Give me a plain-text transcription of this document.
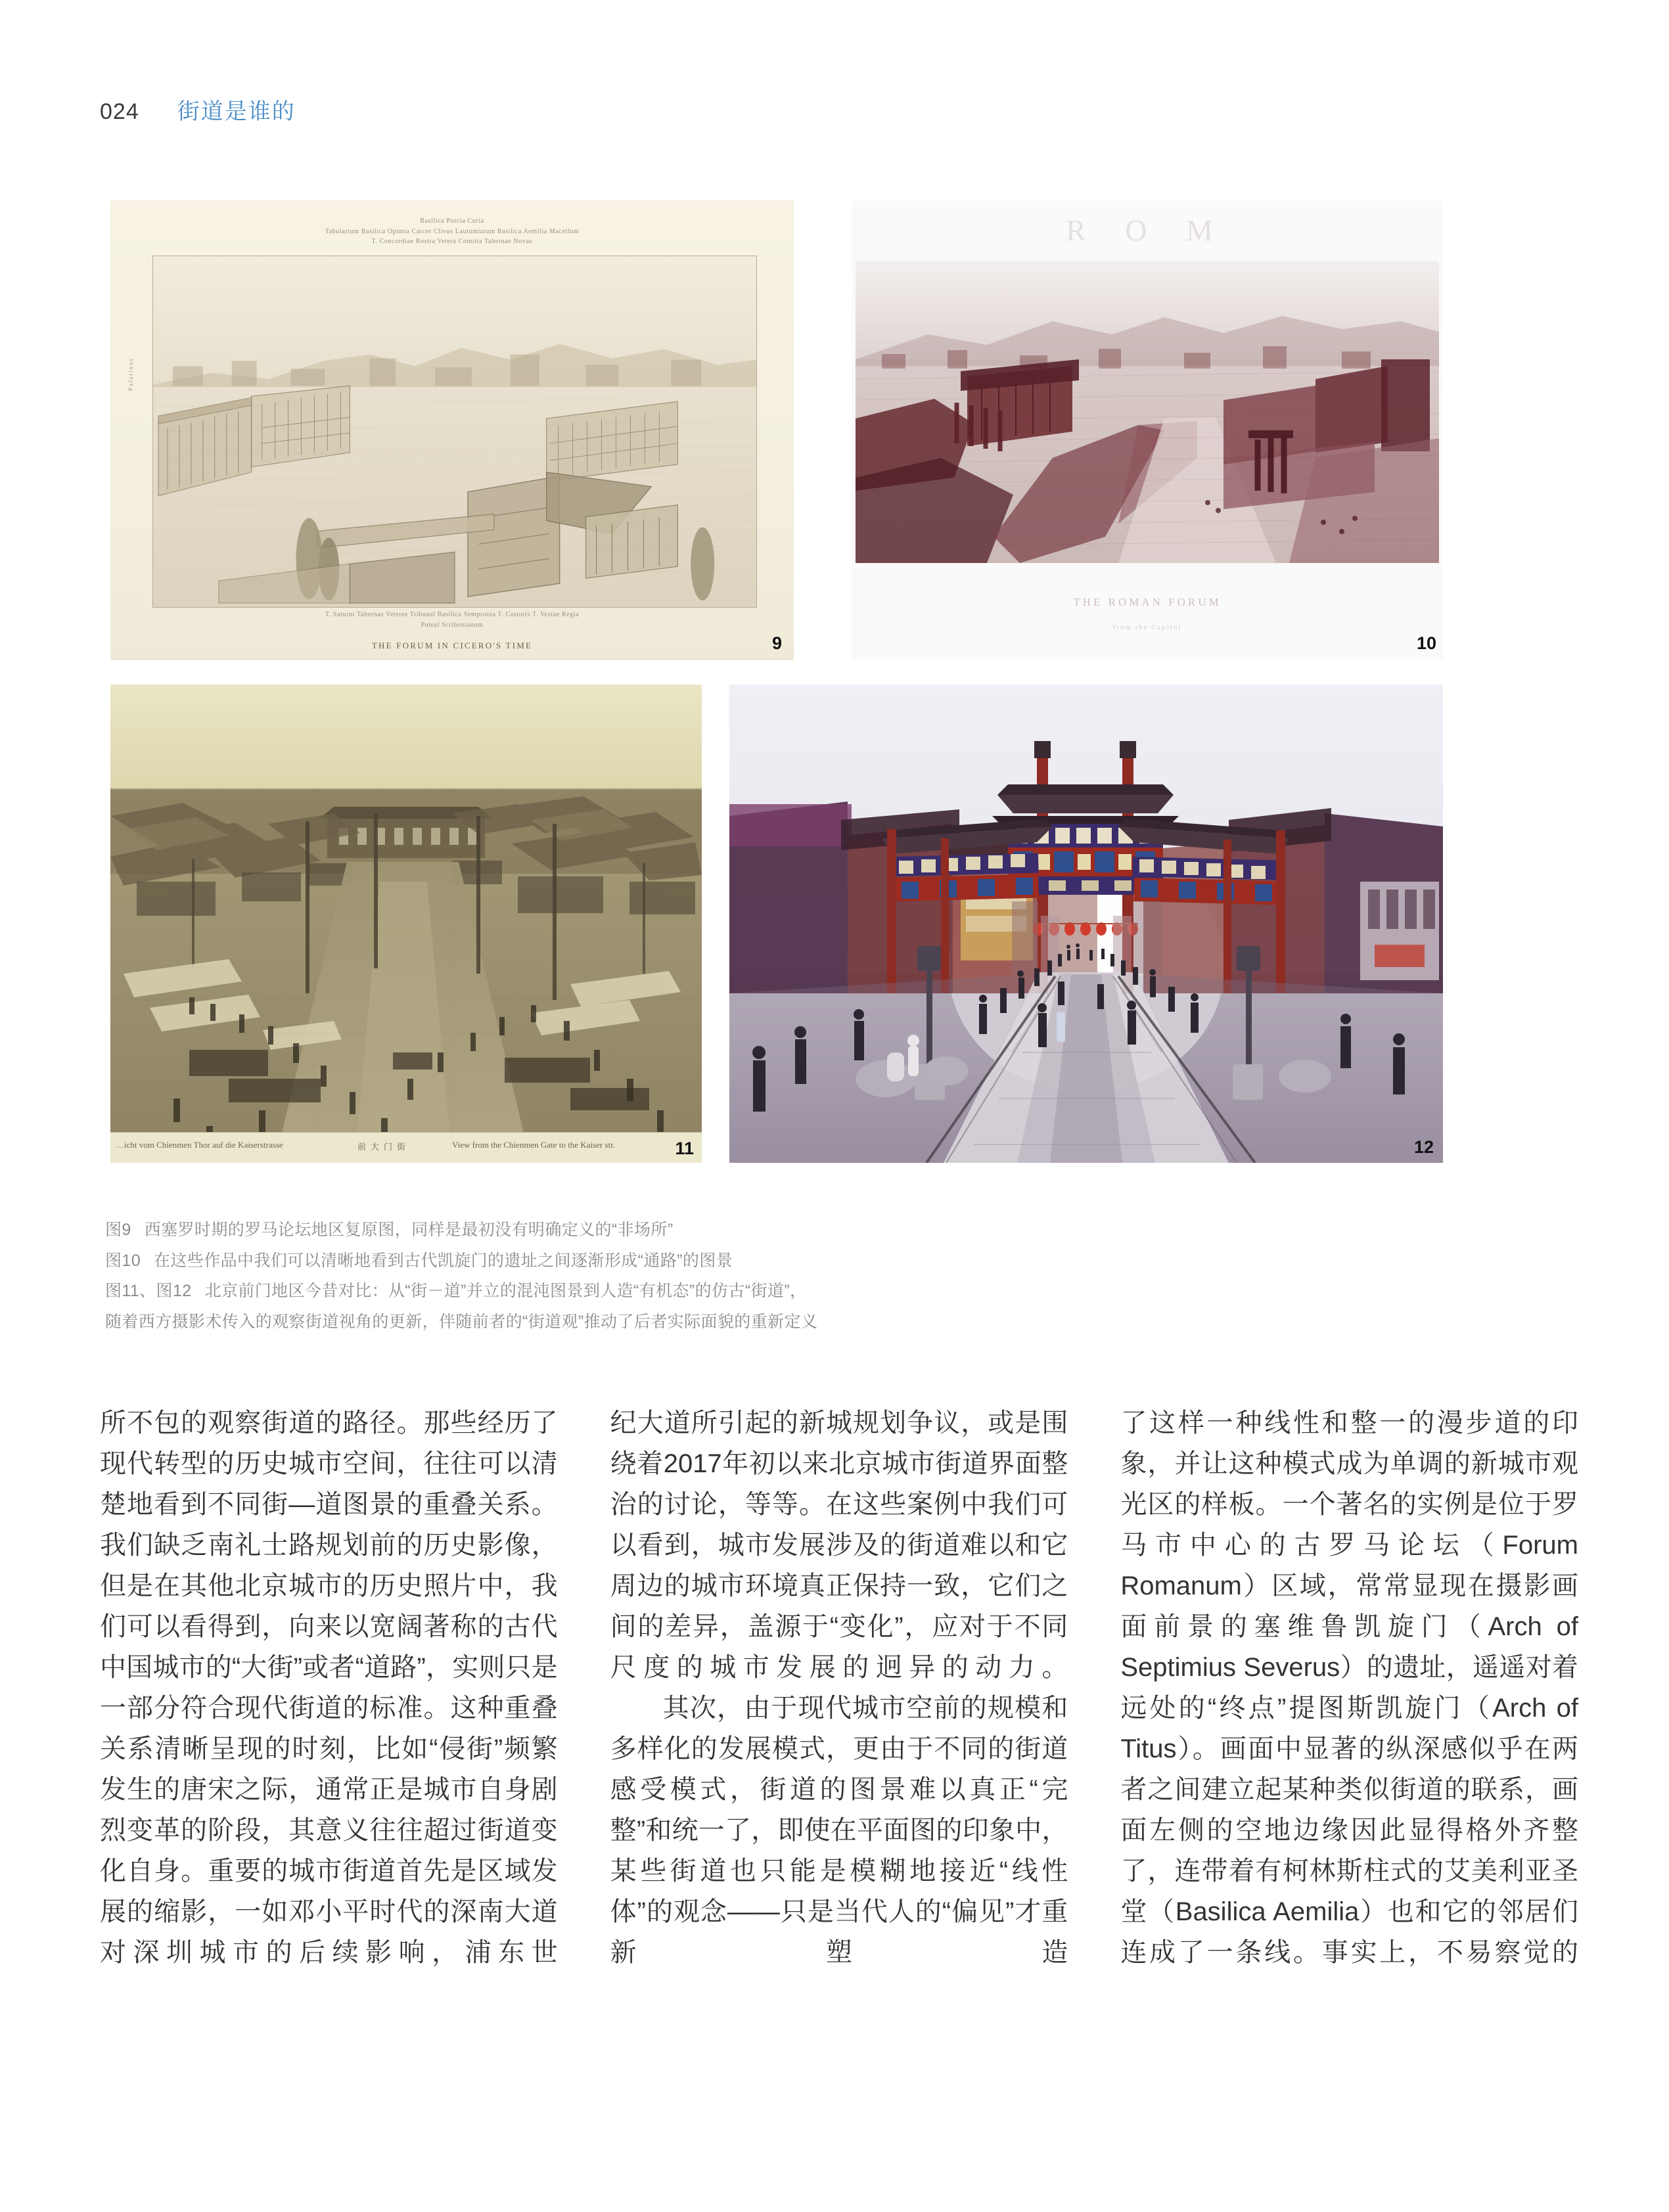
024 街道是谁的
Basilica Porcia Curia
Tabularium Basilica Opimia Carcer Clivus Lautumiarum Basilica Aemilia Macellum
T. Concordiae Rostra Vetera Comitia Tabernae Novae
Palatinus
T. Saturni Tabernae Veteres Tribunal Basilica Sempronia T. Castoris T. Vestae Regia
Puteal Scribonianum
THE FORUM IN CICERO'S TIME	9
R O M
THE ROMAN FORUM
from the Capitol
10
…icht vom Chienmen Thor auf die Kaiserstrasse	前大门街	View from the Chienmen Gate to the Kaiser str.	11	12

图9 西塞罗时期的罗马论坛地区复原图，同样是最初没有明确定义的“非场所”

图10 在这些作品中我们可以清晰地看到古代凯旋门的遗址之间逐渐形成“通路”的图景

图11、图12 北京前门地区今昔对比：从“街－道”并立的混沌图景到人造“有机态”的仿古“街道”，

随着西方摄影术传入的观察街道视角的更新，伴随前者的“街道观”推动了后者实际面貌的重新定义

所不包的观察街道的路径。那些经历了现代转型的历史城市空间，往往可以清楚地看到不同街—道图景的重叠关系。我们缺乏南礼士路规划前的历史影像，但是在其他北京城市的历史照片中，我们可以看得到，向来以宽阔著称的古代中国城市的“大街”或者“道路”，实则只是一部分符合现代街道的标准。这种重叠关系清晰呈现的时刻，比如“侵街”频繁发生的唐宋之际，通常正是城市自身剧烈变革的阶段，其意义往往超过街道变化自身。重要的城市街道首先是区域发展的缩影，一如邓小平时代的深南大道对深圳城市的后续影响，浦东世

纪大道所引起的新城规划争议，或是围绕着2017年初以来北京城市街道界面整治的讨论，等等。在这些案例中我们可以看到，城市发展涉及的街道难以和它周边的城市环境真正保持一致，它们之间的差异，盖源于“变化”，应对于不同尺度的城市发展的迥异的动力。

其次，由于现代城市空前的规模和多样化的发展模式，更由于不同的街道感受模式，街道的图景难以真正“完整”和统一了，即使在平面图的印象中，某些街道也只能是模糊地接近“线性体”的观念——只是当代人的“偏见”才重新塑造

了这样一种线性和整一的漫步道的印象，并让这种模式成为单调的新城市观光区的样板。一个著名的实例是位于罗马市中心的古罗马论坛（Forum Romanum）区域，常常显现在摄影画面前景的塞维鲁凯旋门（Arch of Septimius Severus）的遗址，遥遥对着远处的“终点”提图斯凯旋门（Arch of Titus）。画面中显著的纵深感似乎在两者之间建立起某种类似街道的联系，画面左侧的空地边缘因此显得格外齐整了，连带着有柯林斯柱式的艾美利亚圣堂（Basilica Aemilia）也和它的邻居们连成了一条线。事实上，不易察觉的
